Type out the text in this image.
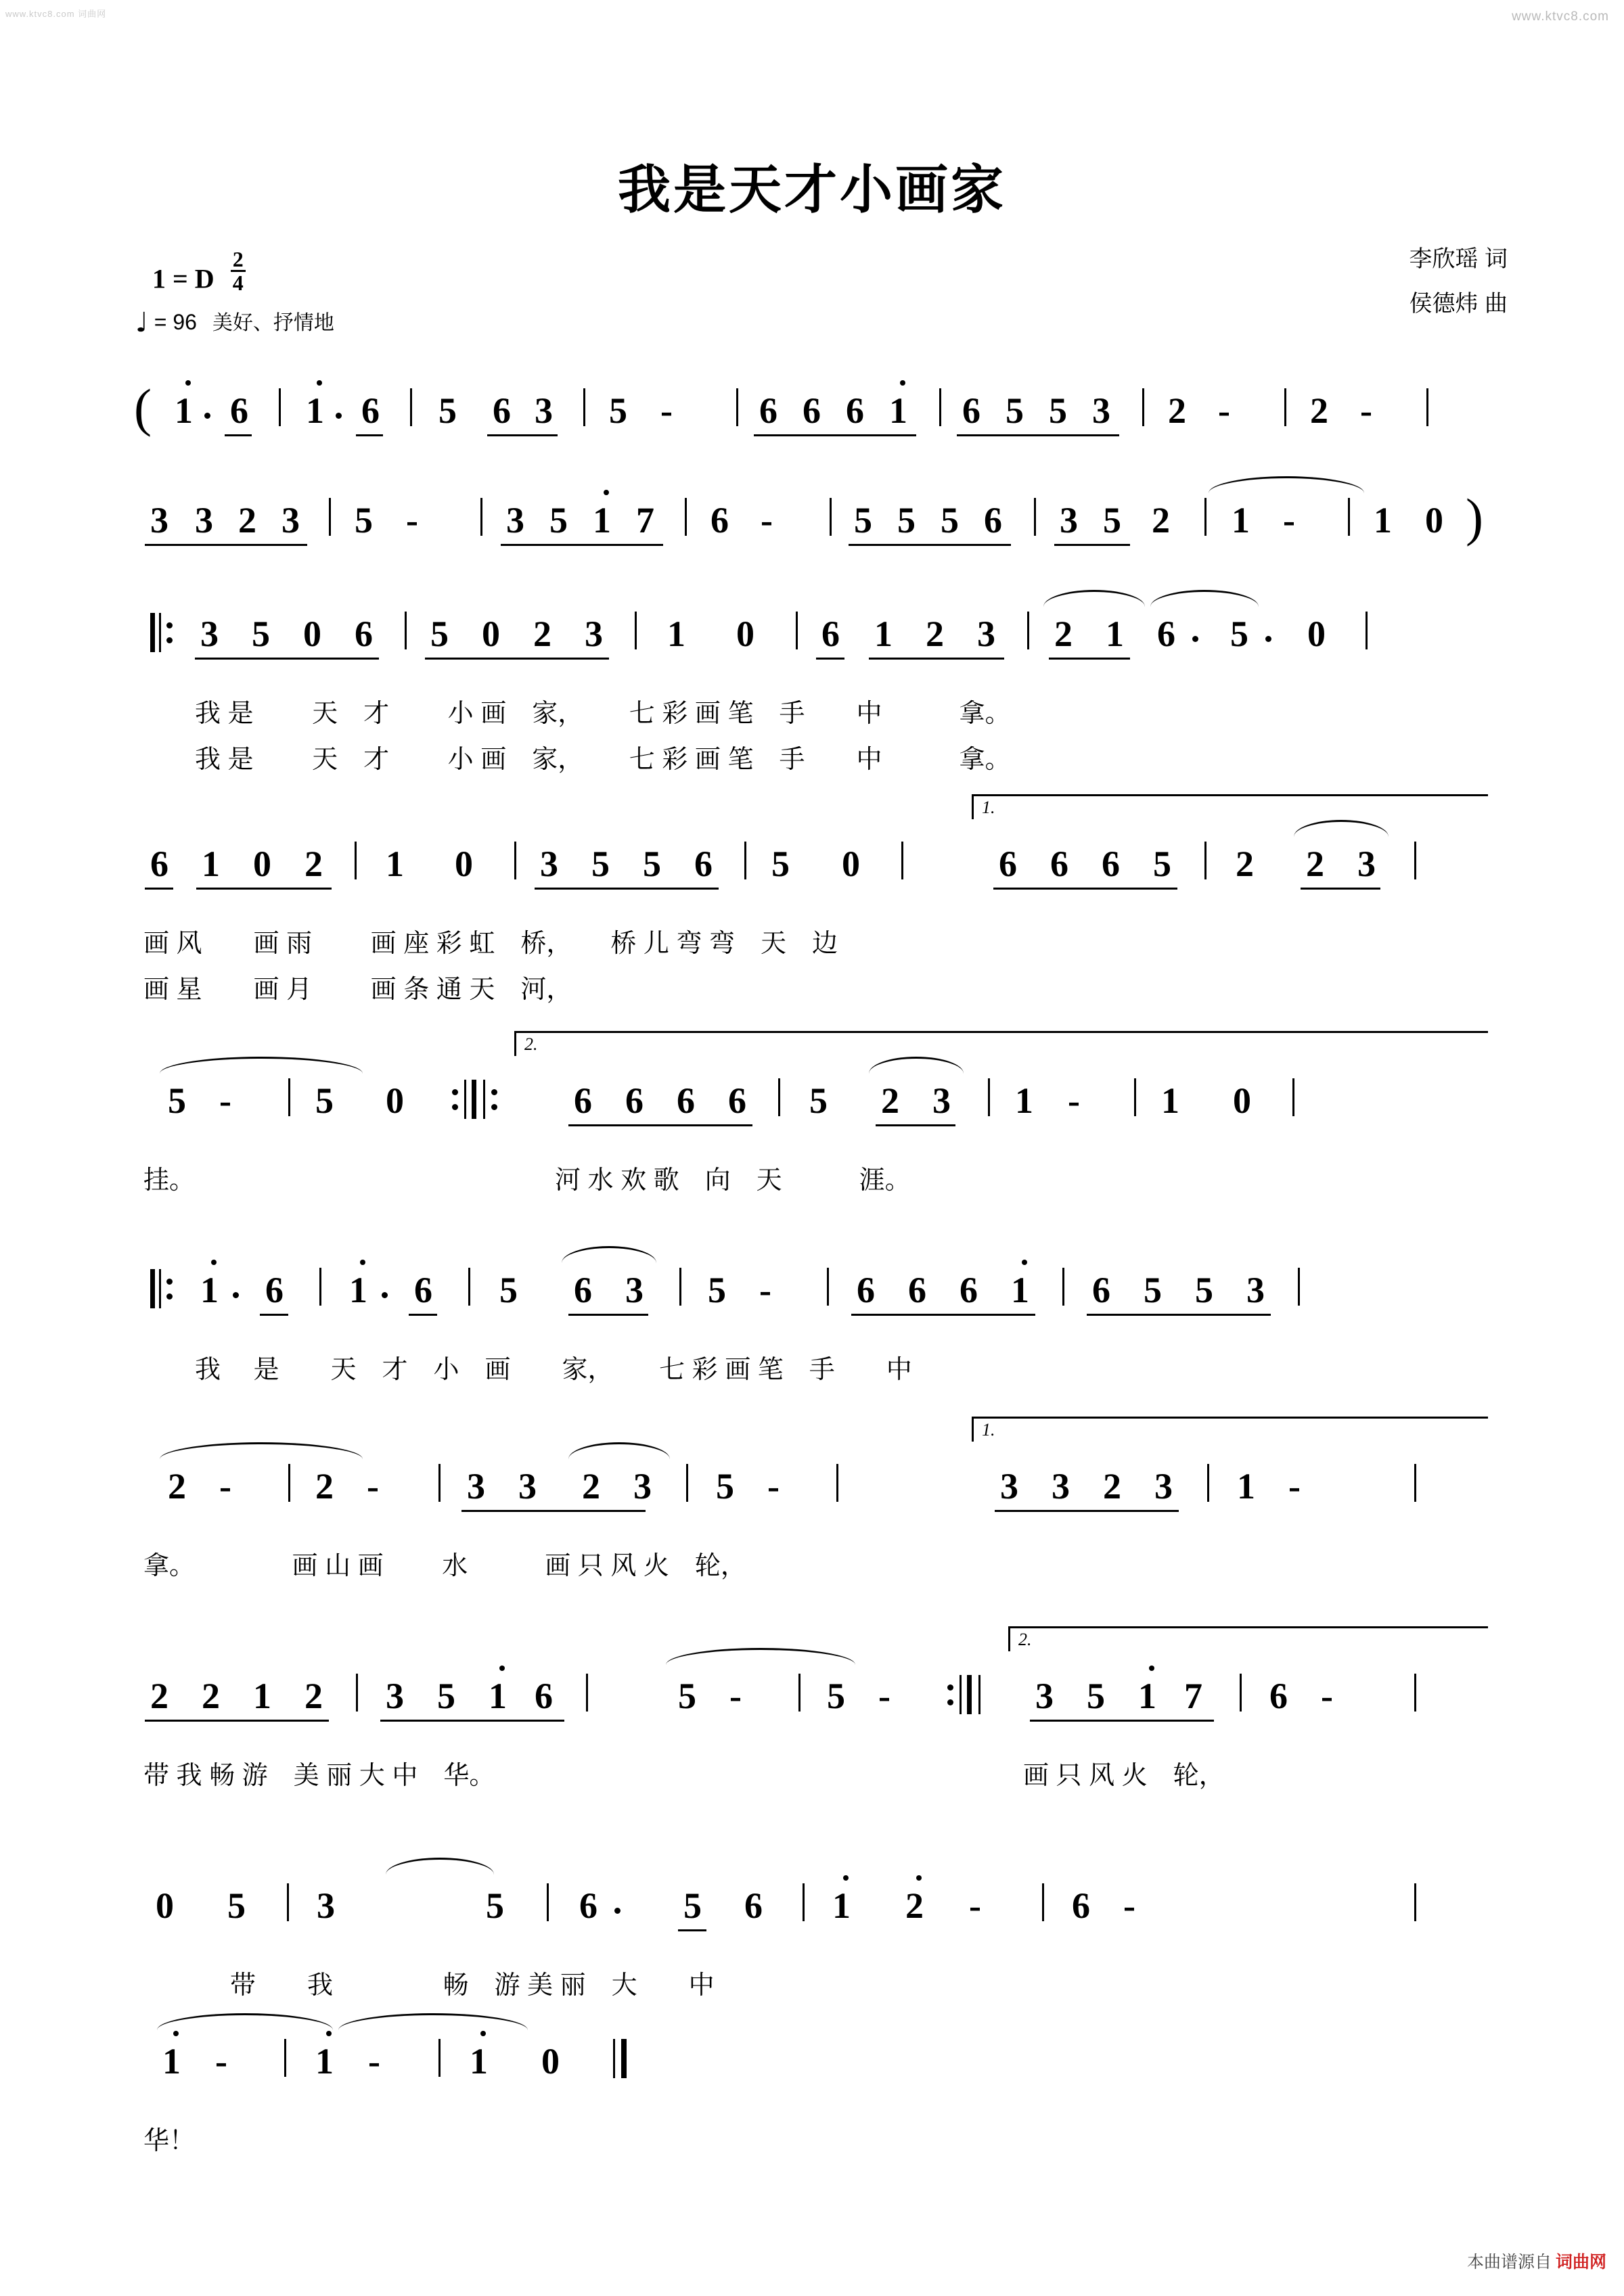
www.ktvc8.com 词曲网	www.ktvc8.com
我是天才小画家
李欣瑶 词
侯德炜 曲
1 = D $\frac{2}{4}$
♩ = 96 美好、抒情地
( 1 6 1 6 5 6 3 5 - 6 6 6 1 6 5 5 3 2 - 2 -
3 3 2 3 5 - 3 5 1 7 6 - 5 5 5 6 3 5 2 1 - 1 0 )
3 5 0 6 5 0 2 3 1 0 6 1 2 3 2 1 6 5 0
我 是　　 天　才　　 小 画　家，　　 七 彩 画 笔　手　　中　　　拿。
我 是　　 天　才　　 小 画　家，　　 七 彩 画 笔　手　　中　　　拿。
6 1 0 2 1 0 3 5 5 6 5 0
1.
6 6 6 5 2 2 3
画 风　　画 雨　　 画 座 彩 虹　桥，　　桥 儿 弯 弯　天　边
画 星　　画 月　　 画 条 通 天　河，
5 - 5 0
2.
6 6 6 6 5 2 3 1 - 1 0
挂。	河 水 欢 歌　向　天　　　涯。
1 6 1 6 5 6 3 5 - 6 6 6 1 6 5 5 3
我　 是　　天　才　小　画　　家，　　 七 彩 画 笔　手　　中
2 - 2 - 3 3 2 3 5 -
1.
3 3 2 3 1 -
拿。　　　　 画 山 画　　 水　　　画 只 风 火　轮，
2 2 1 2 3 5 1 6	5 - 5 -
2.
3 5 1 7 6 -
带 我 畅 游　美 丽 大 中　华。	画 只 风 火　轮，
0 5 3	5 6 5 6 1 2 - 6 -
带　　我　　　　 畅　游 美 丽　大　　中
1 - 1 - 1 0
华！
本曲谱源自 词曲网
